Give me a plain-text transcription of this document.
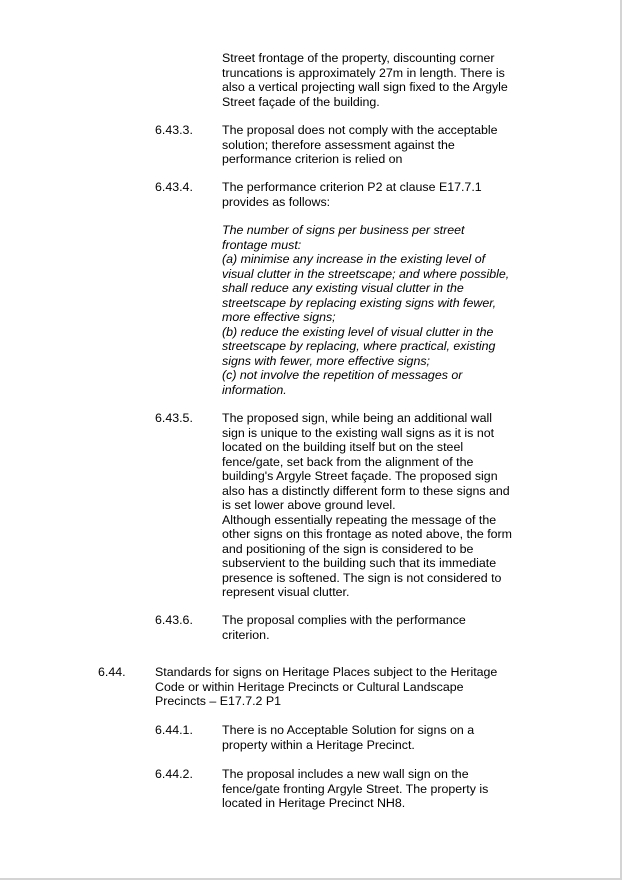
Street frontage of the property, discounting corner
truncations is approximately 27m in length. There is
also a vertical projecting wall sign fixed to the Argyle
Street façade of the building.
6.43.3. The proposal does not comply with the acceptable
solution; therefore assessment against the
performance criterion is relied on
6.43.4. The performance criterion P2 at clause E17.7.1
provides as follows:
The number of signs per business per street
frontage must:
(a) minimise any increase in the existing level of
visual clutter in the streetscape; and where possible,
shall reduce any existing visual clutter in the
streetscape by replacing existing signs with fewer,
more effective signs;
(b) reduce the existing level of visual clutter in the
streetscape by replacing, where practical, existing
signs with fewer, more effective signs;
(c) not involve the repetition of messages or
information.
6.43.5. The proposed sign, while being an additional wall
sign is unique to the existing wall signs as it is not
located on the building itself but on the steel
fence/gate, set back from the alignment of the
building's Argyle Street façade. The proposed sign
also has a distinctly different form to these signs and
is set lower above ground level.
Although essentially repeating the message of the
other signs on this frontage as noted above, the form
and positioning of the sign is considered to be
subservient to the building such that its immediate
presence is softened. The sign is not considered to
represent visual clutter.
6.43.6. The proposal complies with the performance
criterion.
6.44. Standards for signs on Heritage Places subject to the Heritage
Code or within Heritage Precincts or Cultural Landscape
Precincts – E17.7.2 P1
6.44.1. There is no Acceptable Solution for signs on a
property within a Heritage Precinct.
6.44.2. The proposal includes a new wall sign on the
fence/gate fronting Argyle Street. The property is
located in Heritage Precinct NH8.
